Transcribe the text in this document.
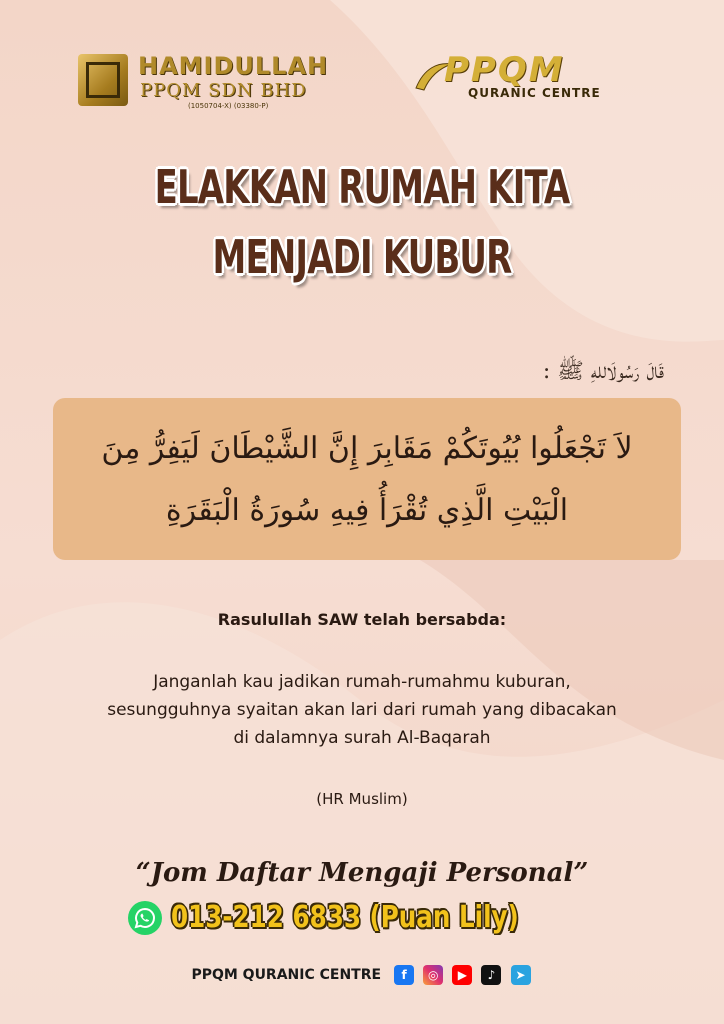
HAMIDULLAH
PPQM SDN BHD
(1050704-X) (03380-P)
PPQM
QURANIC CENTRE
ELAKKAN RUMAH KITA
MENJADI KUBUR
قَالَ رَسُولَاللهِ ﷺ :
لاَ تَجْعَلُوا بُيُوتَكُمْ مَقَابِرَ إِنَّ الشَّيْطَانَ لَيَفِرُّ مِنَ الْبَيْتِ الَّذِي تُقْرَأُ فِيهِ سُورَةُ الْبَقَرَةِ
Rasulullah SAW telah bersabda:
Janganlah kau jadikan rumah-rumahmu kuburan,
sesungguhnya syaitan akan lari dari rumah yang dibacakan
di dalamnya surah Al-Baqarah
(HR Muslim)
“Jom Daftar Mengaji Personal”
013-212 6833 (Puan Lily)
PPQM QURANIC CENTRE f ◎ ▶ ♪ ➤
